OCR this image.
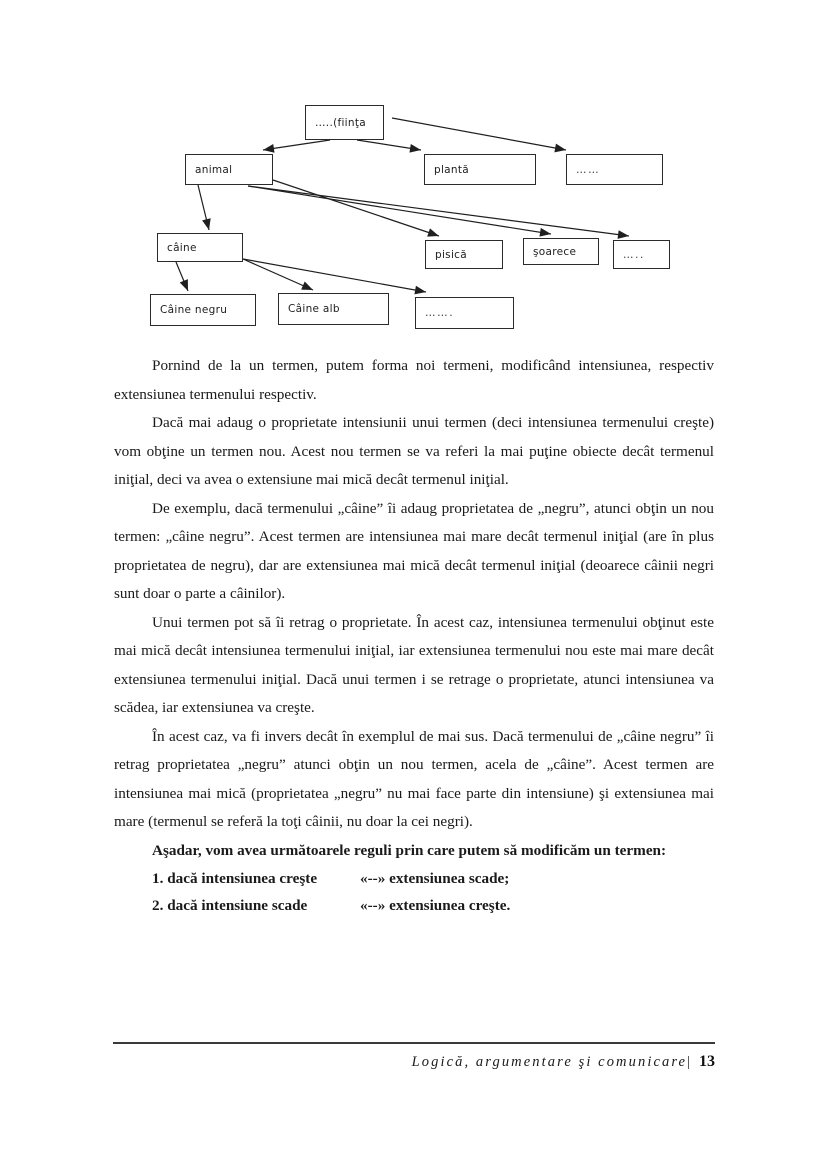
…..(fiinţa
animal	plantă	……
câine
pisică	şoarece	…..
Câine negru	Câine alb	…….

Pornind de la un termen, putem forma noi termeni, modificând intensiunea, respectiv extensiunea termenului respectiv.

Dacă mai adaug o proprietate intensiunii unui termen (deci intensiunea termenului creşte) vom obţine un termen nou. Acest nou termen se va referi la mai puţine obiecte decât termenul iniţial, deci va avea o extensiune mai mică decât termenul iniţial.

De exemplu, dacă termenului „câine” îi adaug proprietatea de „negru”, atunci obţin un nou termen: „câine negru”. Acest termen are intensiunea mai mare decât termenul iniţial (are în plus proprietatea de negru), dar are extensiunea mai mică decât termenul iniţial (deoarece câinii negri sunt doar o parte a câinilor).

Unui termen pot să îi retrag o proprietate. În acest caz, intensiunea termenului obţinut este mai mică decât intensiunea termenului iniţial, iar extensiunea termenului nou este mai mare decât extensiunea termenului iniţial. Dacă unui termen i se retrage o proprietate, atunci intensiunea va scădea, iar extensiunea va creşte.

În acest caz, va fi invers decât în exemplul de mai sus. Dacă termenului de „câine negru” îi retrag proprietatea „negru” atunci obţin un nou termen, acela de „câine”. Acest termen are intensiunea mai mică (proprietatea „negru” nu mai face parte din intensiune) şi extensiunea mai mare (termenul se referă la toţi câinii, nu doar la cei negri).

Aşadar, vom avea următoarele reguli prin care putem să modificăm un termen:

1. dacă intensiunea creşte	«--» extensiunea scade;
2. dacă intensiune scade	«--» extensiunea creşte.
Logică, argumentare şi comunicare | 13
